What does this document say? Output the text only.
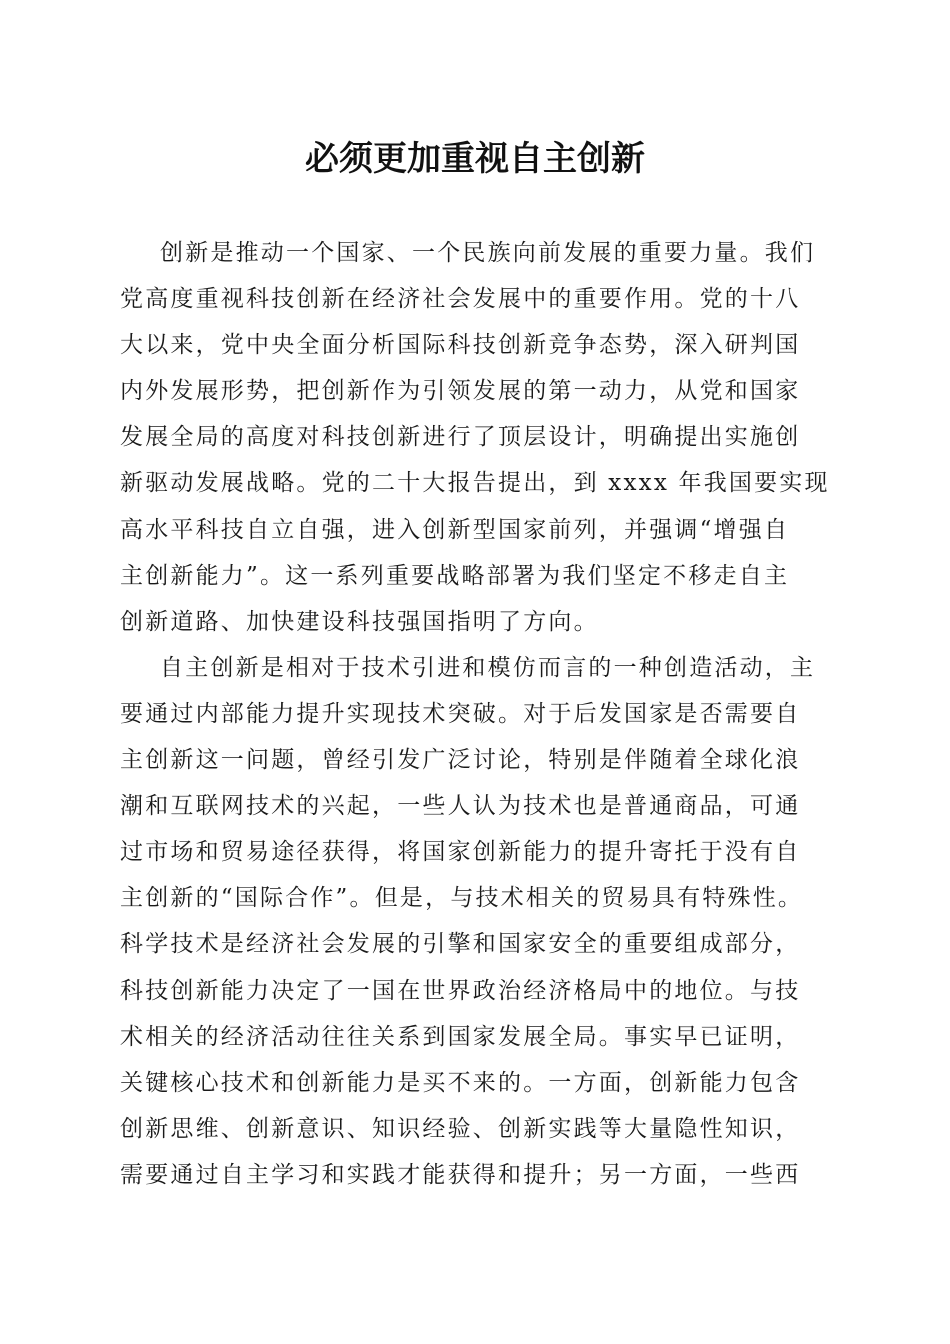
必须更加重视自主创新
创新是推动一个国家、一个民族向前发展的重要力量。我们
党高度重视科技创新在经济社会发展中的重要作用。党的十八
大以来，党中央全面分析国际科技创新竞争态势，深入研判国
内外发展形势，把创新作为引领发展的第一动力，从党和国家
发展全局的高度对科技创新进行了顶层设计，明确提出实施创
新驱动发展战略。党的二十大报告提出，到 xxxx 年我国要实现
高水平科技自立自强，进入创新型国家前列，并强调“增强自
主创新能力”。这一系列重要战略部署为我们坚定不移走自主
创新道路、加快建设科技强国指明了方向。
自主创新是相对于技术引进和模仿而言的一种创造活动，主
要通过内部能力提升实现技术突破。对于后发国家是否需要自
主创新这一问题，曾经引发广泛讨论，特别是伴随着全球化浪
潮和互联网技术的兴起，一些人认为技术也是普通商品，可通
过市场和贸易途径获得，将国家创新能力的提升寄托于没有自
主创新的“国际合作”。但是，与技术相关的贸易具有特殊性。
科学技术是经济社会发展的引擎和国家安全的重要组成部分，
科技创新能力决定了一国在世界政治经济格局中的地位。与技
术相关的经济活动往往关系到国家发展全局。事实早已证明，
关键核心技术和创新能力是买不来的。一方面，创新能力包含
创新思维、创新意识、知识经验、创新实践等大量隐性知识，
需要通过自主学习和实践才能获得和提升；另一方面，一些西
